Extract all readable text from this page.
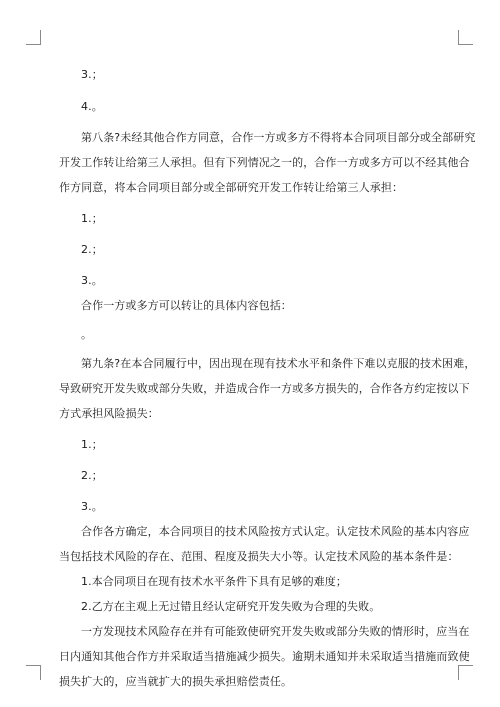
3.；

4.。

第八条?未经其他合作方同意，合作一方或多方不得将本合同项目部分或全部研究

开发工作转让给第三人承担。但有下列情况之一的，合作一方或多方可以不经其他合

作方同意，将本合同项目部分或全部研究开发工作转让给第三人承担：

1.；

2.；

3.。

合作一方或多方可以转让的具体内容包括：

。

第九条?在本合同履行中，因出现在现有技术水平和条件下难以克服的技术困难，

导致研究开发失败或部分失败，并造成合作一方或多方损失的，合作各方约定按以下

方式承担风险损失：

1.；

2.；

3.。

合作各方确定，本合同项目的技术风险按方式认定。认定技术风险的基本内容应

当包括技术风险的存在、范围、程度及损失大小等。认定技术风险的基本条件是：

1.本合同项目在现有技术水平条件下具有足够的难度；

2.乙方在主观上无过错且经认定研究开发失败为合理的失败。

一方发现技术风险存在并有可能致使研究开发失败或部分失败的情形时，应当在

日内通知其他合作方并采取适当措施减少损失。逾期未通知并未采取适当措施而致使

损失扩大的，应当就扩大的损失承担赔偿责任。
